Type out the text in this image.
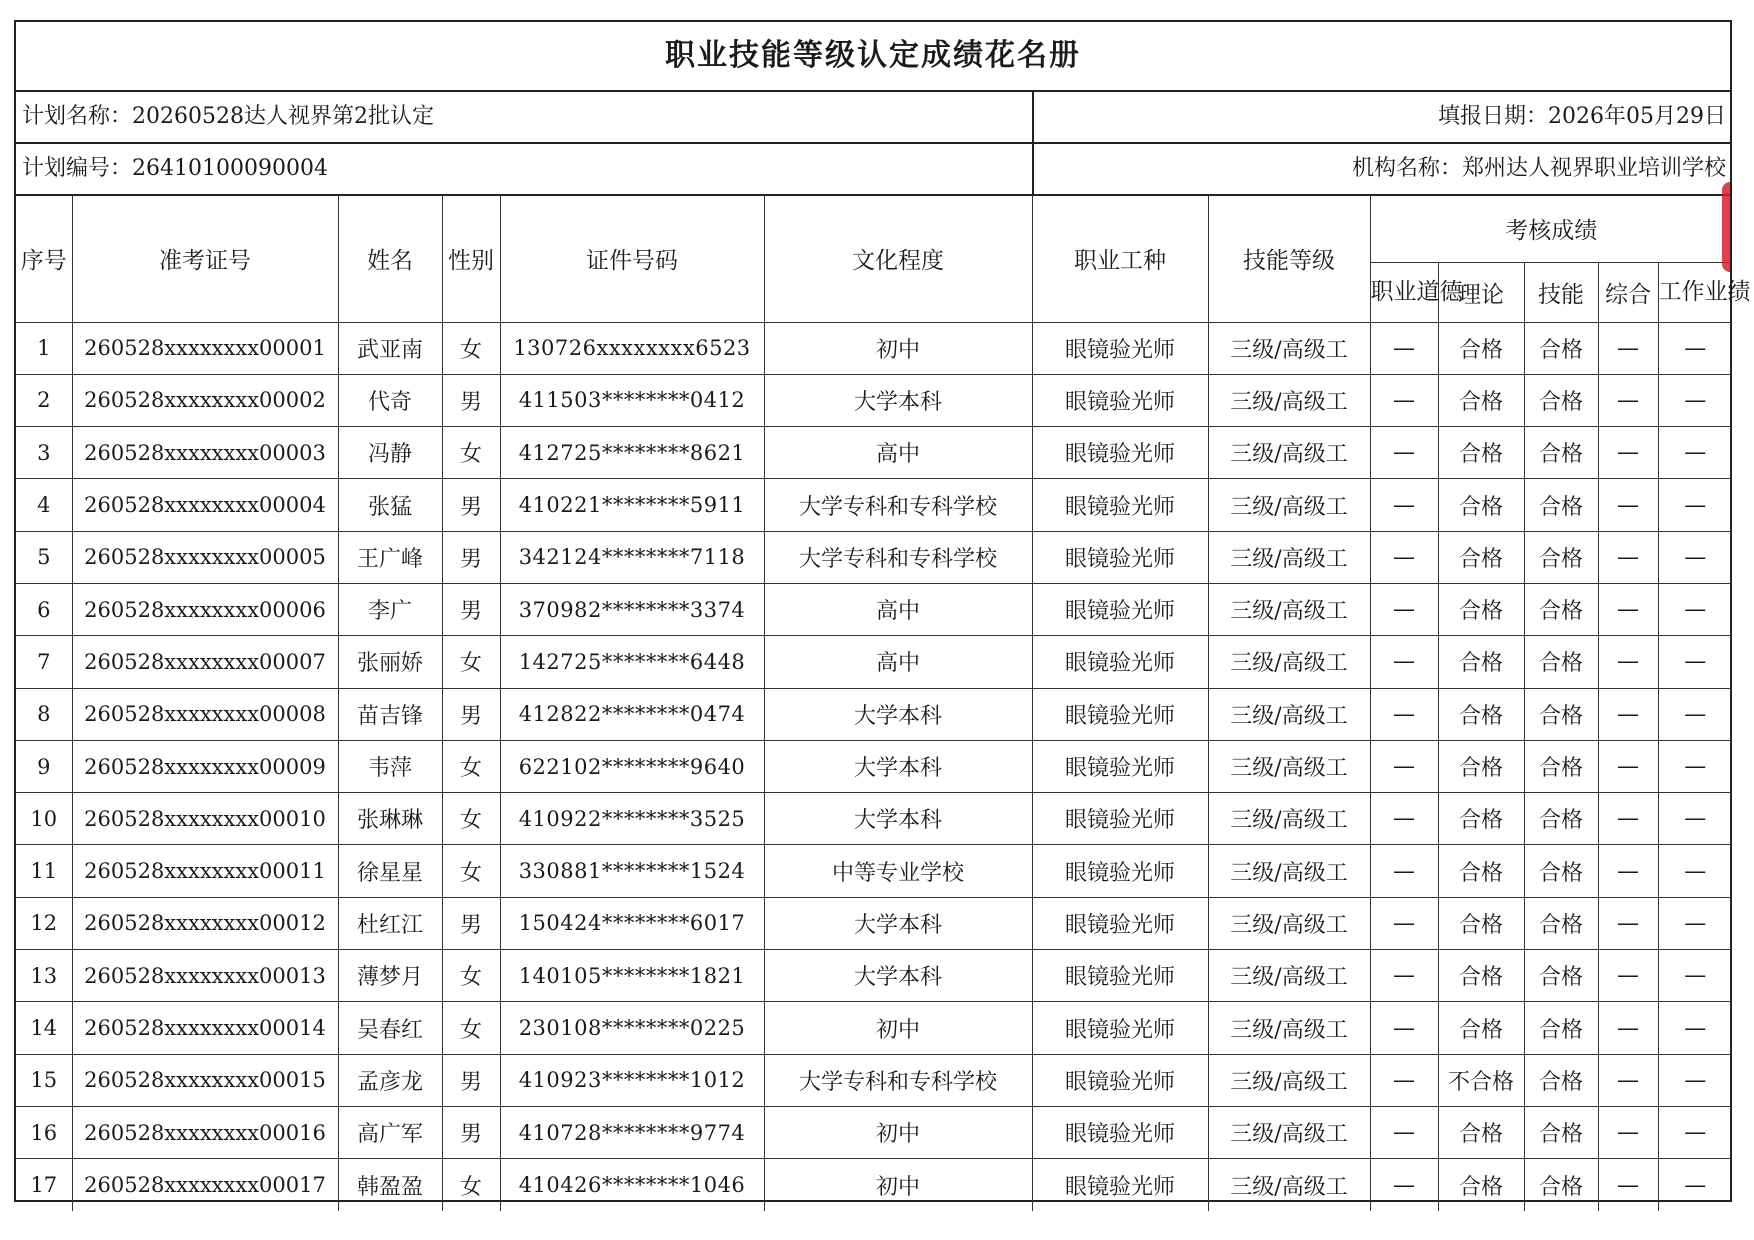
职业技能等级认定成绩花名册
计划名称：20260528达人视界第2批认定	填报日期：2026年05月29日
计划编号：26410100090004	机构名称：郑州达人视界职业培训学校
序号	准考证号	姓名	性别	证件号码	文化程度	职业工种	技能等级	考核成绩				
								职业道德	理论	技能	综合	工作业绩
1	260528xxxxxxxx00001	武亚南	女	130726xxxxxxxx6523	初中	眼镜验光师	三级/高级工	—	合格	合格	—	—
2	260528xxxxxxxx00002	代奇	男	411503********0412	大学本科	眼镜验光师	三级/高级工	—	合格	合格	—	—
3	260528xxxxxxxx00003	冯静	女	412725********8621	高中	眼镜验光师	三级/高级工	—	合格	合格	—	—
4	260528xxxxxxxx00004	张猛	男	410221********5911	大学专科和专科学校	眼镜验光师	三级/高级工	—	合格	合格	—	—
5	260528xxxxxxxx00005	王广峰	男	342124********7118	大学专科和专科学校	眼镜验光师	三级/高级工	—	合格	合格	—	—
6	260528xxxxxxxx00006	李广	男	370982********3374	高中	眼镜验光师	三级/高级工	—	合格	合格	—	—
7	260528xxxxxxxx00007	张丽娇	女	142725********6448	高中	眼镜验光师	三级/高级工	—	合格	合格	—	—
8	260528xxxxxxxx00008	苗吉锋	男	412822********0474	大学本科	眼镜验光师	三级/高级工	—	合格	合格	—	—
9	260528xxxxxxxx00009	韦萍	女	622102********9640	大学本科	眼镜验光师	三级/高级工	—	合格	合格	—	—
10	260528xxxxxxxx00010	张琳琳	女	410922********3525	大学本科	眼镜验光师	三级/高级工	—	合格	合格	—	—
11	260528xxxxxxxx00011	徐星星	女	330881********1524	中等专业学校	眼镜验光师	三级/高级工	—	合格	合格	—	—
12	260528xxxxxxxx00012	杜红江	男	150424********6017	大学本科	眼镜验光师	三级/高级工	—	合格	合格	—	—
13	260528xxxxxxxx00013	薄梦月	女	140105********1821	大学本科	眼镜验光师	三级/高级工	—	合格	合格	—	—
14	260528xxxxxxxx00014	吴春红	女	230108********0225	初中	眼镜验光师	三级/高级工	—	合格	合格	—	—
15	260528xxxxxxxx00015	孟彦龙	男	410923********1012	大学专科和专科学校	眼镜验光师	三级/高级工	—	不合格	合格	—	—
16	260528xxxxxxxx00016	高广军	男	410728********9774	初中	眼镜验光师	三级/高级工	—	合格	合格	—	—
17	260528xxxxxxxx00017	韩盈盈	女	410426********1046	初中	眼镜验光师	三级/高级工	—	合格	合格	—	—
